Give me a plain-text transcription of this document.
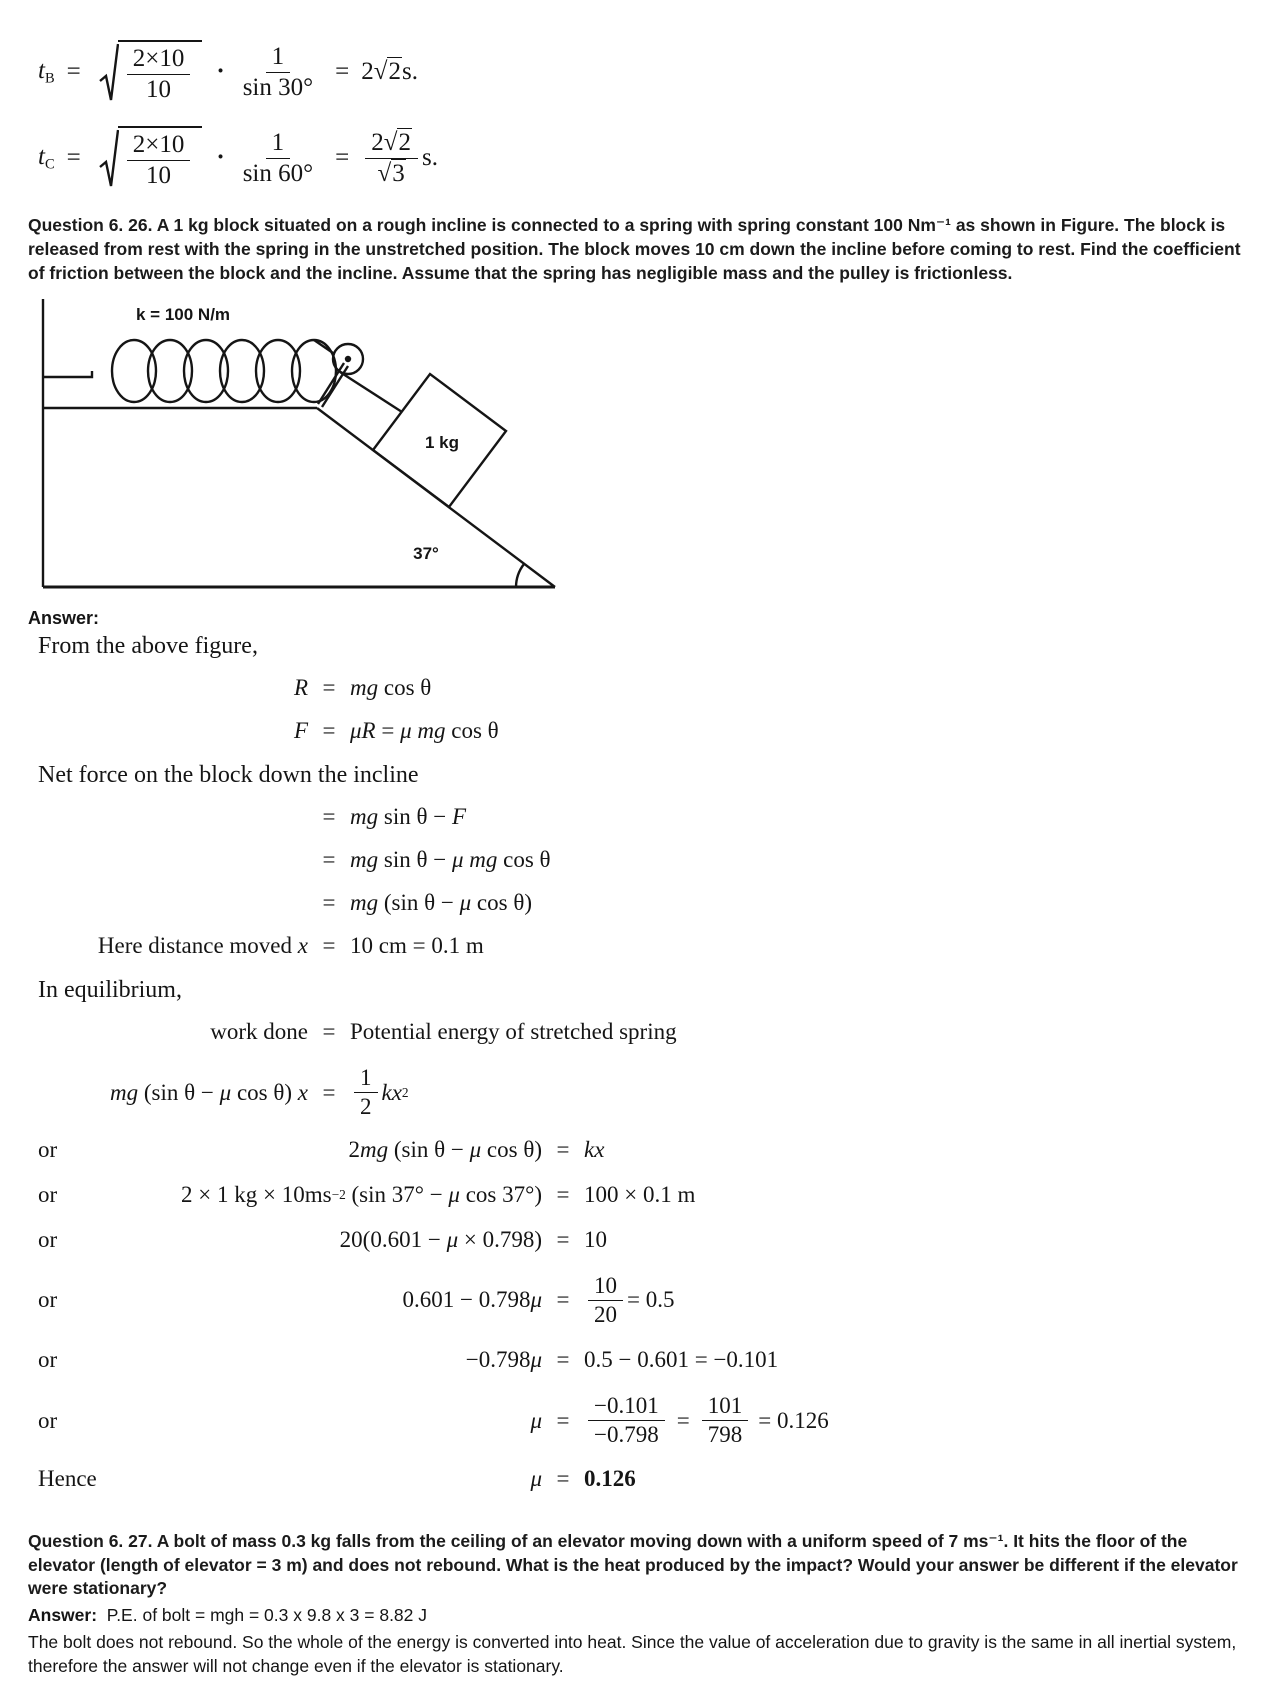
$t_B = \frac{2\times 10}{10} \cdot \frac{1}{\sin 30^\circ} = 2√2s$.
$t_C = \frac{2\times 10}{10} \cdot \frac{1}{\sin 60^\circ} = \frac{2√2}{√3} s$.

Question 6. 26. A 1 kg block situated on a rough incline is connected to a spring with spring constant 100 Nm⁻¹ as shown in Figure. The block is released from rest with the spring in the unstretched position. The block moves 10 cm down the incline before coming to rest. Find the coefficient of friction between the block and the incline. Assume that the spring has negligible mass and the pulley is frictionless.

k = 100 N/m
1 kg
37°
Answer:
From the above figure,
R = mg cos θ
F = μR = μ mg cos θ
Net force on the block down the incline
= mg sin θ − F
= mg sin θ − μ mg cos θ
= mg (sin θ − μ cos θ)
Here distance moved x = 10 cm = 0.1 m
In equilibrium,
work done = Potential energy of stretched spring
mg (sin θ − μ cos θ) $x = \frac{1}{2}$ kx 2
or	2 mg (sin θ − μ cos θ) = kx
or	2 × 1 kg × 10ms −2 (sin 37° − μ cos 37°) = 100 × 0.1 m
or	20(0.601 − μ × 0.798) = 10
or	0.601 − 0.798 $\mu = \frac{10}{20} = 0.5$
or	−0.798 μ = 0.5 − 0.601 = −0.101
or	$\mu = \frac{-0.101}{-0.798} = \frac{101}{798} = 0.126$
Hence	μ = 0.126

Question 6. 27. A bolt of mass 0.3 kg falls from the ceiling of an elevator moving down with a uniform speed of 7 ms⁻¹. It hits the floor of the elevator (length of elevator = 3 m) and does not rebound. What is the heat produced by the impact? Would your answer be different if the elevator were stationary?

Answer: P.E. of bolt = mgh = 0.3 x 9.8 x 3 = 8.82 J

The bolt does not rebound. So the whole of the energy is converted into heat. Since the value of acceleration due to gravity is the same in all inertial system, therefore the answer will not change even if the elevator is stationary.
